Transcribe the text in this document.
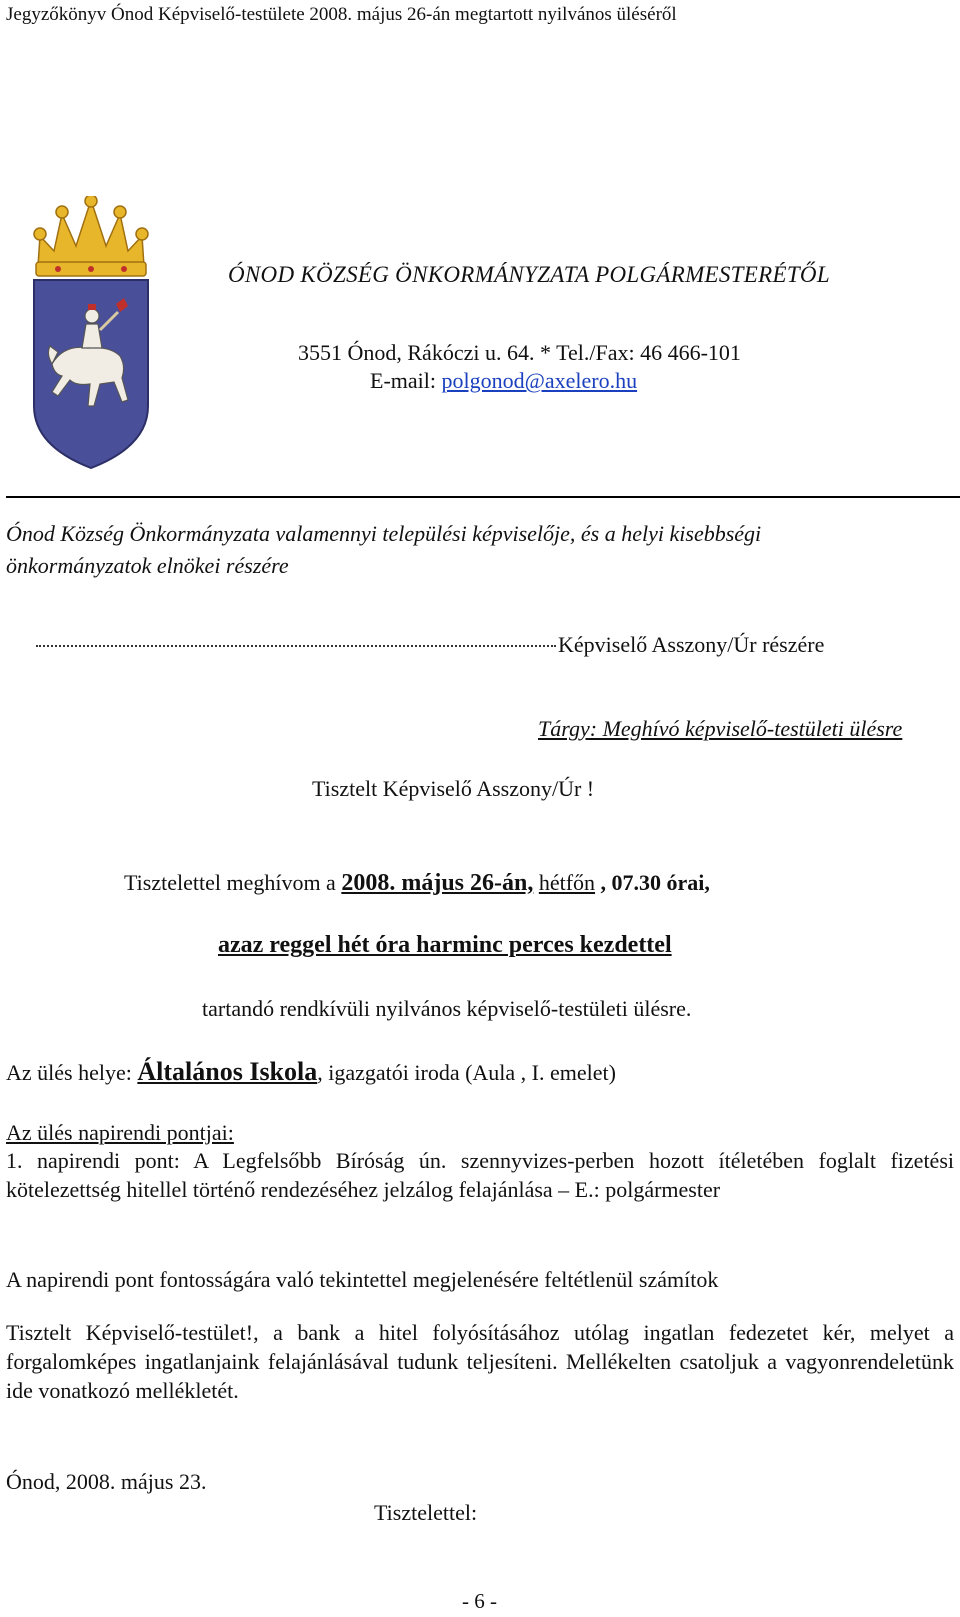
Jegyzőkönyv Ónod Képviselő-testülete 2008. május 26-án megtartott nyilvános üléséről
ÓNOD KÖZSÉG ÖNKORMÁNYZATA POLGÁRMESTERÉTŐL
3551 Ónod, Rákóczi u. 64. * Tel./Fax: 46 466-101
E-mail: polgonod@axelero.hu
Ónod Község Önkormányzata valamennyi települési képviselője, és a helyi kisebbségi
önkormányzatok elnökei részére
Képviselő Asszony/Úr részére
Tárgy: Meghívó képviselő-testületi ülésre
Tisztelt Képviselő Asszony/Úr !
Tisztelettel meghívom a 2008. május 26-án, hétfőn , 07.30 órai,
azaz reggel hét óra harminc perces kezdettel
tartandó rendkívüli nyilvános képviselő-testületi ülésre.
Az ülés helye: Általános Iskola, igazgatói iroda (Aula , I. emelet)
Az ülés napirendi pontjai:
1. napirendi pont: A Legfelsőbb Bíróság ún. szennyvizes-perben hozott ítéletében foglalt fizetési kötelezettség hitellel történő rendezéséhez jelzálog felajánlása – E.: polgármester
A napirendi pont fontosságára való tekintettel megjelenésére feltétlenül számítok
Tisztelt Képviselő-testület!, a bank a hitel folyósításához utólag ingatlan fedezetet kér, melyet a forgalomképes ingatlanjaink felajánlásával tudunk teljesíteni. Mellékelten csatoljuk a vagyonrendeletünk ide vonatkozó mellékletét.
Ónod, 2008. május 23.
Tisztelettel:
- 6 -
